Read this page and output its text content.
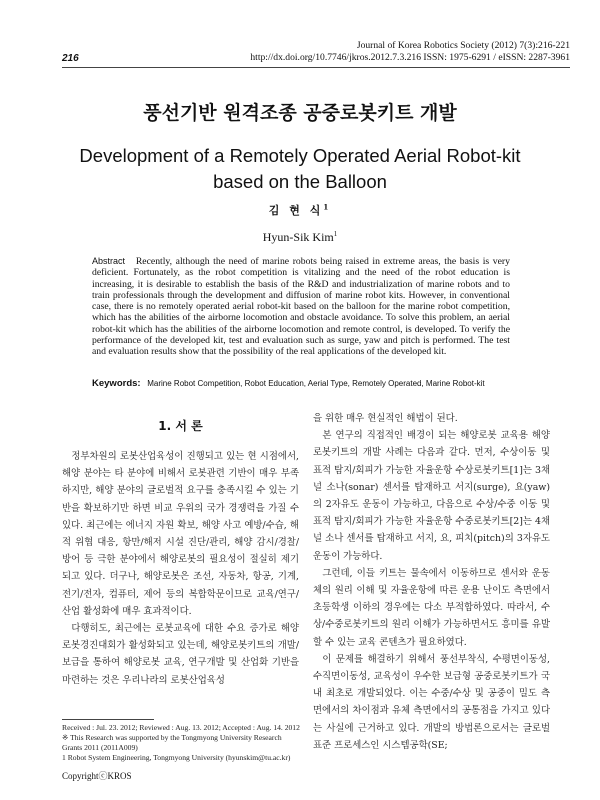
216
Journal of Korea Robotics Society (2012) 7(3):216-221
http://dx.doi.org/10.7746/jkros.2012.7.3.216 ISSN: 1975-6291 / eISSN: 2287-3961
풍선기반 원격조종 공중로봇키트 개발
Development of a Remotely Operated Aerial Robot-kit based on the Balloon
김 현 식$^1$
Hyun-Sik Kim$^1$
Abstract Recently, although the need of marine robots being raised in extreme areas, the basis is very deficient. Fortunately, as the robot competition is vitalizing and the need of the robot education is increasing, it is desirable to establish the basis of the R&D and industrialization of marine robots and to train professionals through the development and diffusion of marine robot kits. However, in conventional case, there is no remotely operated aerial robot-kit based on the balloon for the marine robot competition, which has the abilities of the airborne locomotion and obstacle avoidance. To solve this problem, an aerial robot-kit which has the abilities of the airborne locomotion and remote control, is developed. To verify the performance of the developed kit, test and evaluation such as surge, yaw and pitch is performed. The test and evaluation results show that the possibility of the real applications of the developed kit.
Keywords: Marine Robot Competition, Robot Education, Aerial Type, Remotely Operated, Marine Robot-kit
1. 서 론

정부차원의 로봇산업육성이 진행되고 있는 현 시점에서, 해양 분야는 타 분야에 비해서 로봇관련 기반이 매우 부족하지만, 해양 분야의 글로벌적 요구를 충족시킬 수 있는 기반을 확보하기만 하면 비교 우위의 국가 경쟁력을 가질 수 있다. 최근에는 에너지 자원 확보, 해양 사고 예방/수습, 해적 위협 대응, 항만/해저 시설 진단/관리, 해양 감시/경찰/방어 등 극한 분야에서 해양로봇의 필요성이 절실히 제기되고 있다. 더구나, 해양로봇은 조선, 자동차, 항공, 기계, 전기/전자, 컴퓨터, 제어 등의 복합학문이므로 교육/연구/산업 활성화에 매우 효과적이다.

다행히도, 최근에는 로봇교육에 대한 수요 증가로 해양로봇경진대회가 활성화되고 있는데, 해양로봇키트의 개발/보급을 통하여 해양로봇 교육, 연구개발 및 산업화 기반을 마련하는 것은 우리나라의 로봇산업육성

을 위한 매우 현실적인 해법이 된다.

본 연구의 직접적인 배경이 되는 해양로봇 교육용 해양로봇키트의 개발 사례는 다음과 같다. 먼저, 수상이동 및 표적 탐지/회피가 가능한 자율운항 수상로봇키트[1]는 3채널 소나(sonar) 센서를 탑재하고 서지(surge), 요(yaw)의 2자유도 운동이 가능하고, 다음으로 수상/수중 이동 및 표적 탐지/회피가 가능한 자율운항 수중로봇키트[2]는 4채널 소나 센서를 탑재하고 서지, 요, 피치(pitch)의 3자유도 운동이 가능하다.

그런데, 이들 키트는 물속에서 이동하므로 센서와 운동체의 원리 이해 및 자율운항에 따른 운용 난이도 측면에서 초등학생 이하의 경우에는 다소 부적합하였다. 따라서, 수상/수중로봇키트의 원리 이해가 가능하면서도 흥미를 유발할 수 있는 교육 콘텐츠가 필요하였다.

이 문제를 해결하기 위해서 풍선부착식, 수평면이동성, 수직면이동성, 교육성이 우수한 보급형 공중로봇키트가 국내 최초로 개발되었다. 이는 수중/수상 및 공중이 밀도 측면에서의 차이점과 유체 측면에서의 공통점을 가지고 있다는 사실에 근거하고 있다. 개발의 방법론으로서는 글로벌 표준 프로세스인 시스템공학(SE;

Received : Jul. 23. 2012; Reviewed : Aug. 13. 2012; Accepted : Aug. 14. 2012
※ This Research was supported by the Tongmyong University Research Grants 2011 (2011A009)
1 Robot System Engineering, Tongmyong University (hyunskim@tu.ac.kr)
CopyrightⓒKROS
